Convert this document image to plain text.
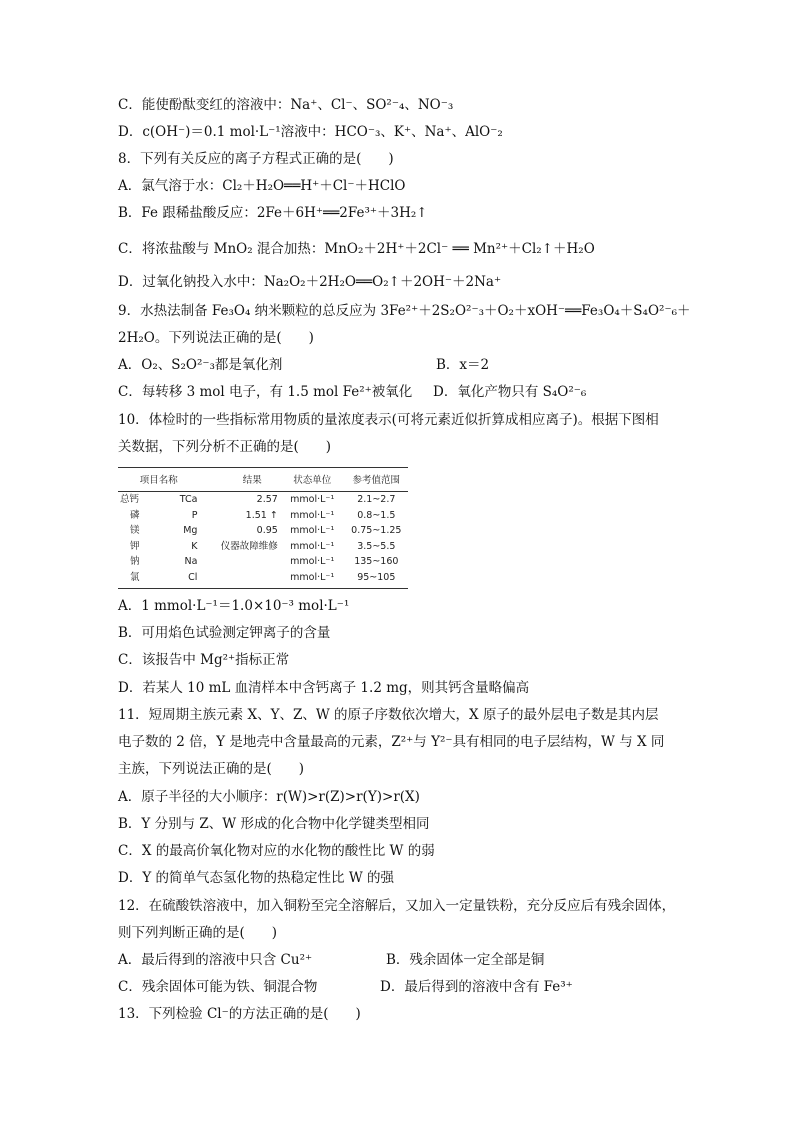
C．能使酚酞变红的溶液中：Na⁺、Cl⁻、SO²⁻₄、NO⁻₃
D．c(OH⁻)＝0.1 mol·L⁻¹溶液中：HCO⁻₃、K⁺、Na⁺、AlO⁻₂
8．下列有关反应的离子方程式正确的是(　　)
A．氯气溶于水：Cl₂＋H₂O══H⁺＋Cl⁻＋HClO
B．Fe 跟稀盐酸反应：2Fe＋6H⁺══2Fe³⁺＋3H₂↑
C．将浓盐酸与 MnO₂ 混合加热：MnO₂＋2H⁺＋2Cl⁻ ══ Mn²⁺＋Cl₂↑＋H₂O
D．过氧化钠投入水中：Na₂O₂＋2H₂O══O₂↑＋2OH⁻＋2Na⁺
9．水热法制备 Fe₃O₄ 纳米颗粒的总反应为 3Fe²⁺＋2S₂O²⁻₃＋O₂＋xOH⁻══Fe₃O₄＋S₄O²⁻₆＋
2H₂O。下列说法正确的是(　　)
A．O₂、S₂O²⁻₃都是氧化剂	B．x＝2
C．每转移 3 mol 电子，有 1.5 mol Fe²⁺被氧化 D．氧化产物只有 S₄O²⁻₆
10．体检时的一些指标常用物质的量浓度表示(可将元素近似折算成相应离子)。根据下图相
关数据，下列分析不正确的是(　　)
项目名称		结果	状态单位	参考值范围
总钙	TCa	2.57	mmol·L⁻¹	2.1~2.7
磷	P	1.51 ↑	mmol·L⁻¹	0.8~1.5
镁	Mg	0.95	mmol·L⁻¹	0.75~1.25
钾	K	仪器故障维修	mmol·L⁻¹	3.5~5.5
钠	Na		mmol·L⁻¹	135~160
氯	Cl		mmol·L⁻¹	95~105
A．1 mmol·L⁻¹＝1.0×10⁻³ mol·L⁻¹
B．可用焰色试验测定钾离子的含量
C．该报告中 Mg²⁺指标正常
D．若某人 10 mL 血清样本中含钙离子 1.2 mg，则其钙含量略偏高
11．短周期主族元素 X、Y、Z、W 的原子序数依次增大，X 原子的最外层电子数是其内层
电子数的 2 倍，Y 是地壳中含量最高的元素，Z²⁺与 Y²⁻具有相同的电子层结构，W 与 X 同
主族，下列说法正确的是(　　)
A．原子半径的大小顺序：r(W)>r(Z)>r(Y)>r(X)
B．Y 分别与 Z、W 形成的化合物中化学键类型相同
C．X 的最高价氧化物对应的水化物的酸性比 W 的弱
D．Y 的简单气态氢化物的热稳定性比 W 的强
12．在硫酸铁溶液中，加入铜粉至完全溶解后，又加入一定量铁粉，充分反应后有残余固体，
则下列判断正确的是(　　)
A．最后得到的溶液中只含 Cu²⁺	B．残余固体一定全部是铜
C．残余固体可能为铁、铜混合物	D．最后得到的溶液中含有 Fe³⁺
13．下列检验 Cl⁻的方法正确的是(　　)
